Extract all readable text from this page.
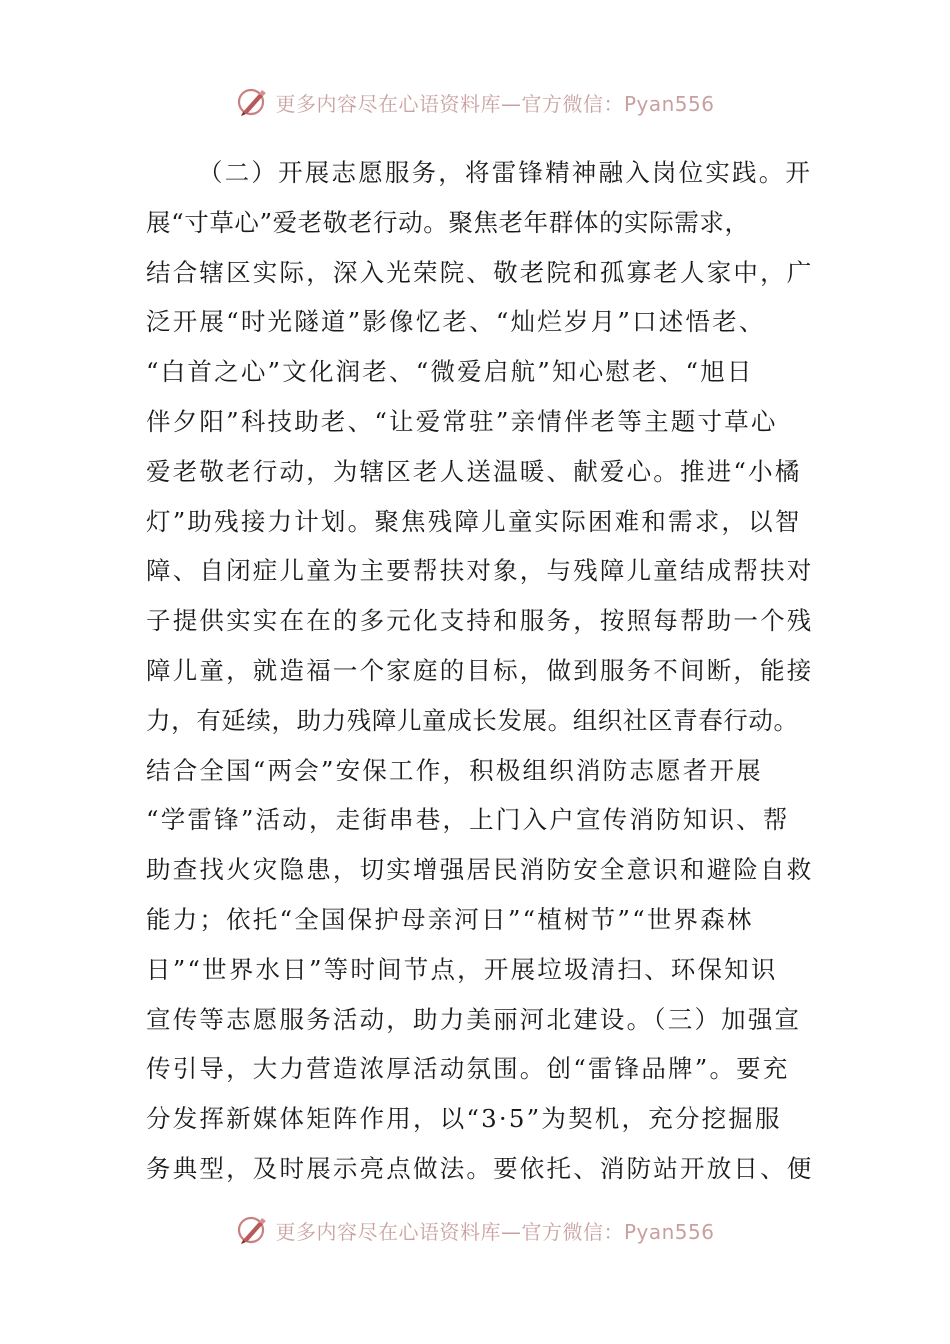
更多内容尽在心语资料库—官方微信：Pyan556
（二）开展志愿服务，将雷锋精神融入岗位实践。开
展“寸草心”爱老敬老行动。聚焦老年群体的实际需求，
结合辖区实际，深入光荣院、敬老院和孤寡老人家中，广
泛开展“时光隧道”影像忆老、“灿烂岁月”口述悟老、
“白首之心”文化润老、“微爱启航”知心慰老、“旭日
伴夕阳”科技助老、“让爱常驻”亲情伴老等主题寸草心
爱老敬老行动，为辖区老人送温暖、献爱心。推进“小橘
灯”助残接力计划。聚焦残障儿童实际困难和需求，以智
障、自闭症儿童为主要帮扶对象，与残障儿童结成帮扶对
子提供实实在在的多元化支持和服务，按照每帮助一个残
障儿童，就造福一个家庭的目标，做到服务不间断，能接
力，有延续，助力残障儿童成长发展。组织社区青春行动。
结合全国“两会”安保工作，积极组织消防志愿者开展
“学雷锋”活动，走街串巷，上门入户宣传消防知识、帮
助查找火灾隐患，切实增强居民消防安全意识和避险自救
能力；依托“全国保护母亲河日”“植树节”“世界森林
日”“世界水日”等时间节点，开展垃圾清扫、环保知识
宣传等志愿服务活动，助力美丽河北建设。（三）加强宣
传引导，大力营造浓厚活动氛围。创“雷锋品牌”。要充
分发挥新媒体矩阵作用，以“3·5”为契机，充分挖掘服
务典型，及时展示亮点做法。要依托、消防站开放日、便
更多内容尽在心语资料库—官方微信：Pyan556
